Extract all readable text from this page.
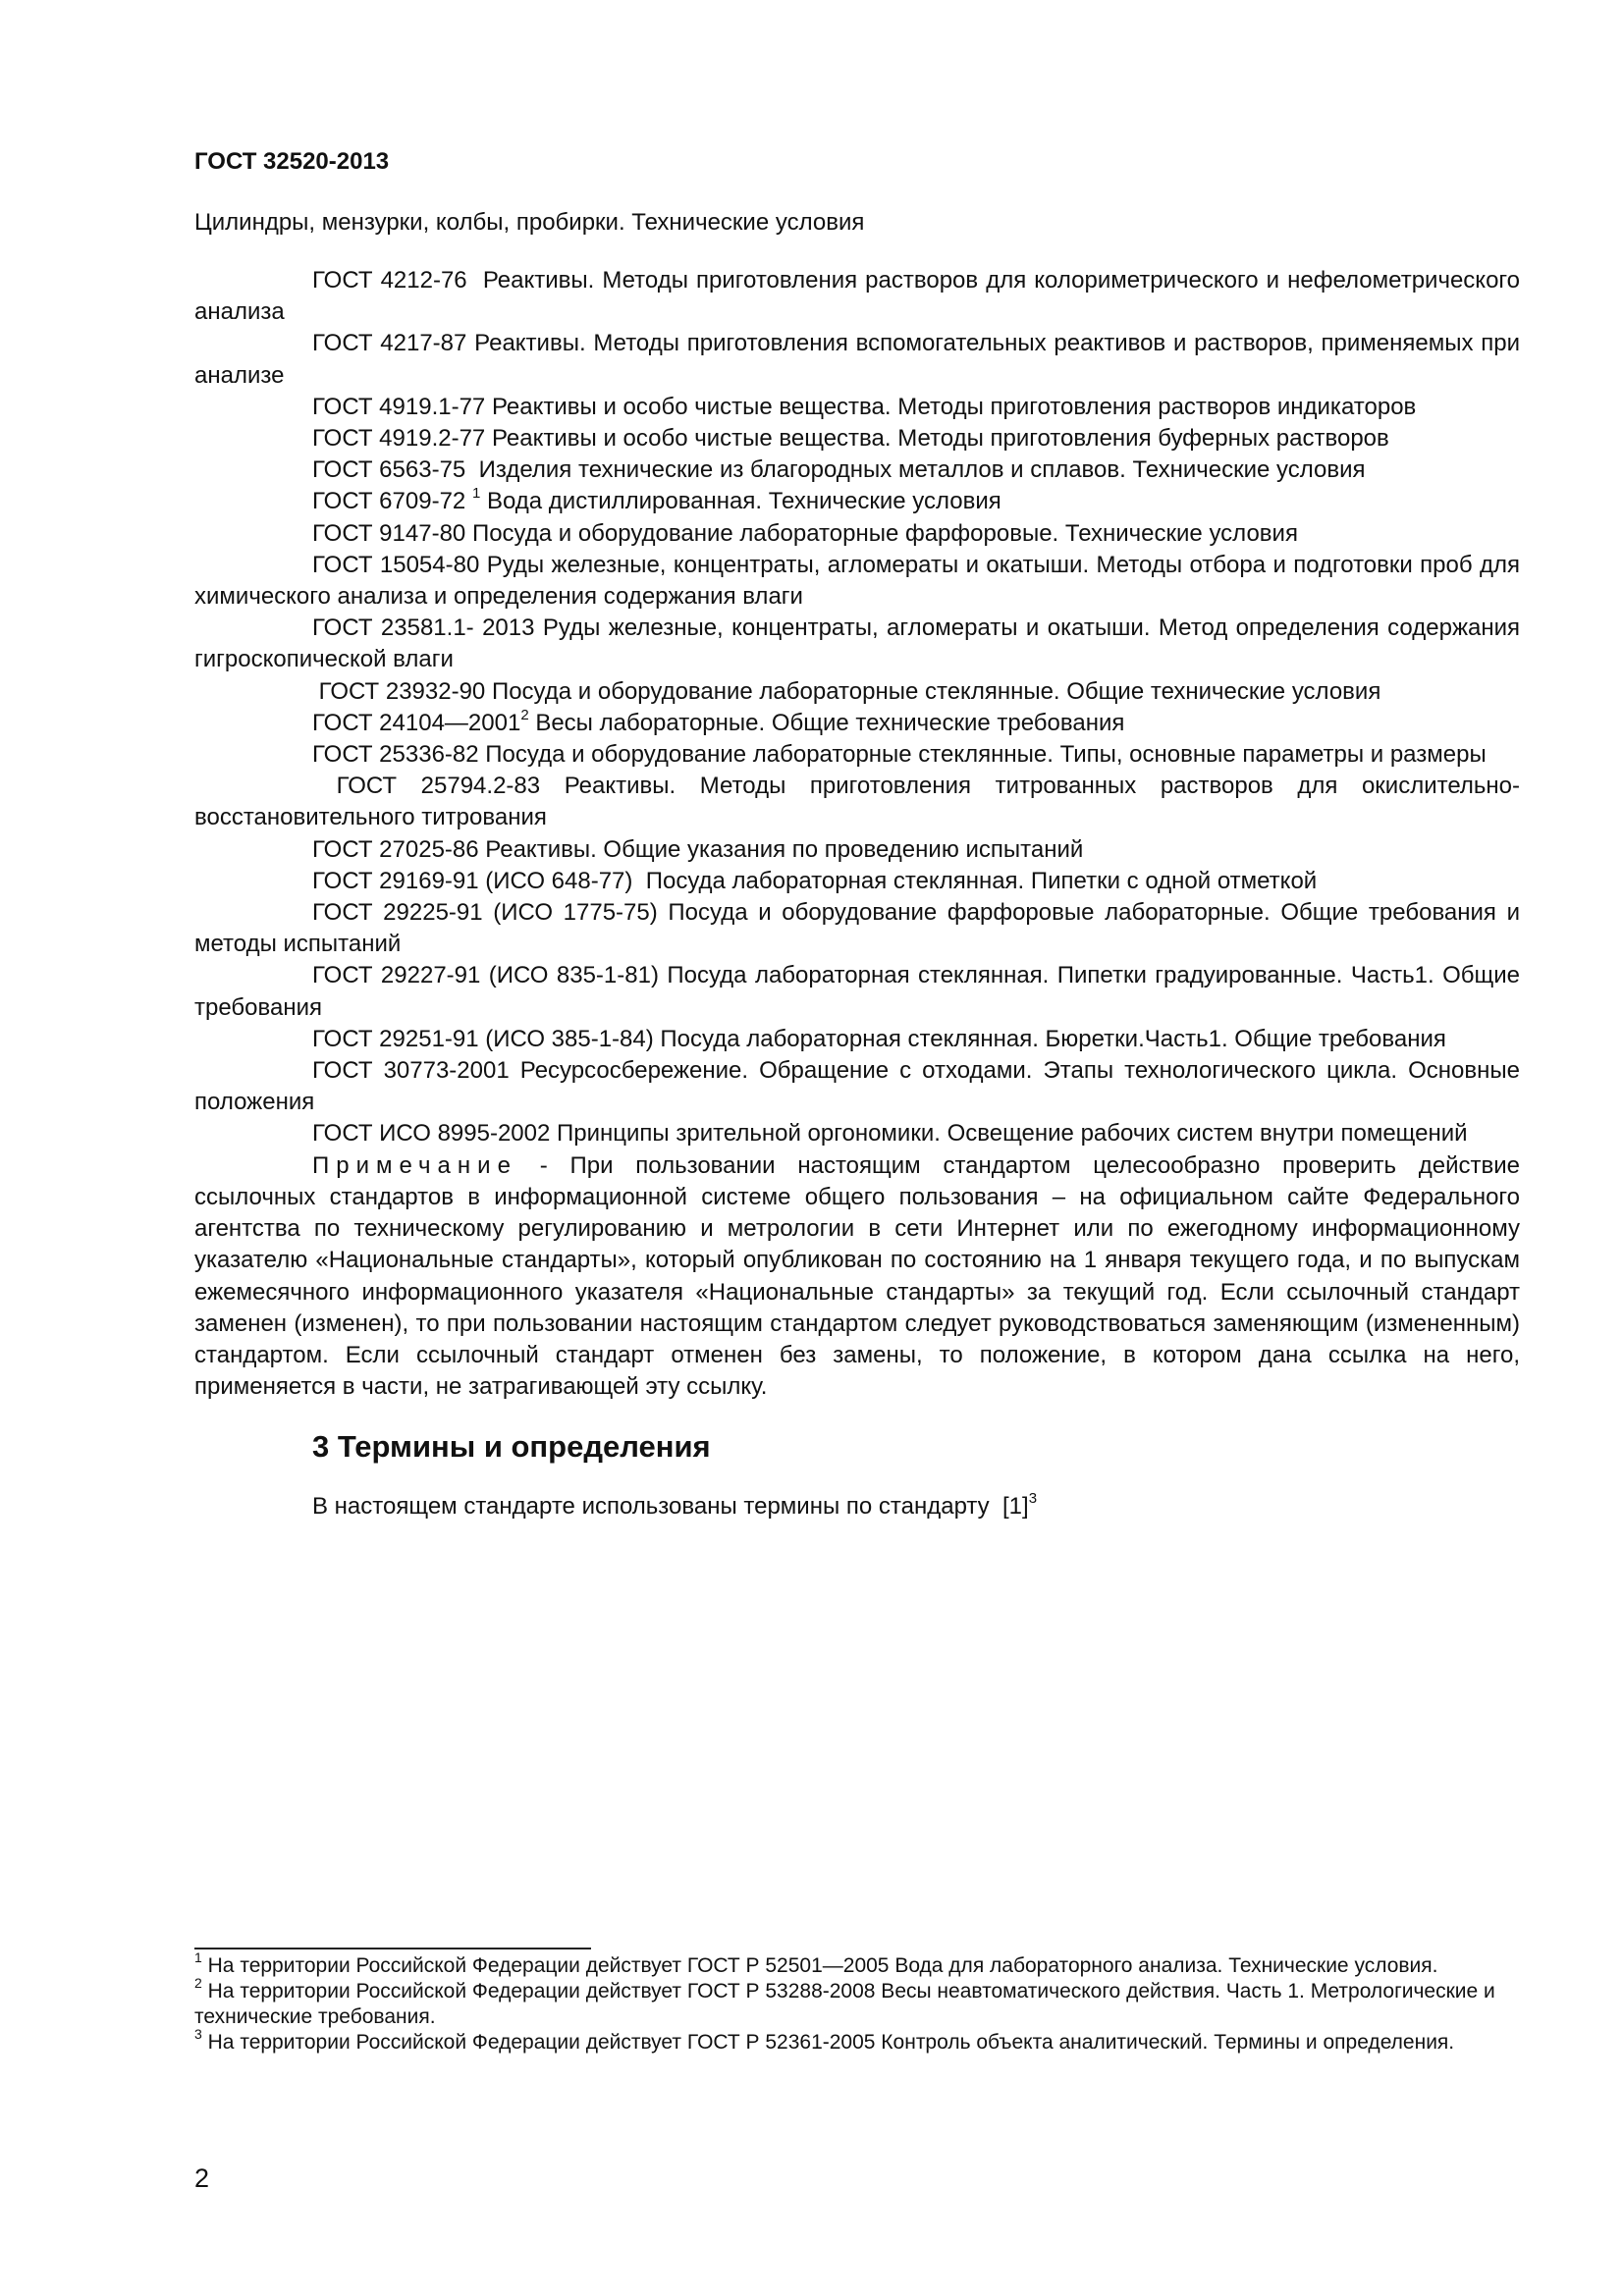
ГОСТ 32520-2013
Цилиндры, мензурки, колбы, пробирки. Технические условия

ГОСТ 4212-76 Реактивы. Методы приготовления растворов для колориметрического и нефелометрического анализа

ГОСТ 4217-87 Реактивы. Методы приготовления вспомогательных реактивов и растворов, применяемых при анализе

ГОСТ 4919.1-77 Реактивы и особо чистые вещества. Методы приготовления растворов индикаторов

ГОСТ 4919.2-77 Реактивы и особо чистые вещества. Методы приготовления буферных растворов

ГОСТ 6563-75 Изделия технические из благородных металлов и сплавов. Технические условия

ГОСТ 6709-72 $^1$ Вода дистиллированная. Технические условия

ГОСТ 9147-80 Посуда и оборудование лабораторные фарфоровые. Технические условия

ГОСТ 15054-80 Руды железные, концентраты, агломераты и окатыши. Методы отбора и подготовки проб для химического анализа и определения содержания влаги

ГОСТ 23581.1- 2013 Руды железные, концентраты, агломераты и окатыши. Метод определения содержания гигроскопической влаги

ГОСТ 23932-90 Посуда и оборудование лабораторные стеклянные. Общие технические условия

ГОСТ 24104—2001$^2$ Весы лабораторные. Общие технические требования

ГОСТ 25336-82 Посуда и оборудование лабораторные стеклянные. Типы, основные параметры и размеры

ГОСТ 25794.2-83 Реактивы. Методы приготовления титрованных растворов для окислительно-восстановительного титрования

ГОСТ 27025-86 Реактивы. Общие указания по проведению испытаний

ГОСТ 29169-91 (ИСО 648-77) Посуда лабораторная стеклянная. Пипетки с одной отметкой

ГОСТ 29225-91 (ИСО 1775-75) Посуда и оборудование фарфоровые лабораторные. Общие требования и методы испытаний

ГОСТ 29227-91 (ИСО 835-1-81) Посуда лабораторная стеклянная. Пипетки градуированные. Часть1. Общие требования

ГОСТ 29251-91 (ИСО 385-1-84) Посуда лабораторная стеклянная. Бюретки.Часть1. Общие требования

ГОСТ 30773-2001 Ресурсосбережение. Обращение с отходами. Этапы технологического цикла. Основные положения

ГОСТ ИСО 8995-2002 Принципы зрительной оргономики. Освещение рабочих систем внутри помещений

Примечание - При пользовании настоящим стандартом целесообразно проверить действие ссылочных стандартов в информационной системе общего пользования – на официальном сайте Федерального агентства по техническому регулированию и метрологии в сети Интернет или по ежегодному информационному указателю «Национальные стандарты», который опубликован по состоянию на 1 января текущего года, и по выпускам ежемесячного информационного указателя «Национальные стандарты» за текущий год. Если ссылочный стандарт заменен (изменен), то при пользовании настоящим стандартом следует руководствоваться заменяющим (измененным) стандартом. Если ссылочный стандарт отменен без замены, то положение, в котором дана ссылка на него, применяется в части, не затрагивающей эту ссылку.

3 Термины и определения

В настоящем стандарте использованы термины по стандарту $[1]^3$

$^1$ На территории Российской Федерации действует ГОСТ Р 52501—2005 Вода для лабораторного анализа. Технические условия.

$^2$ На территории Российской Федерации действует ГОСТ Р 53288-2008 Весы неавтоматического действия. Часть 1. Метрологические и технические требования.

$^3$ На территории Российской Федерации действует ГОСТ Р 52361-2005 Контроль объекта аналитический. Термины и определения.

2
